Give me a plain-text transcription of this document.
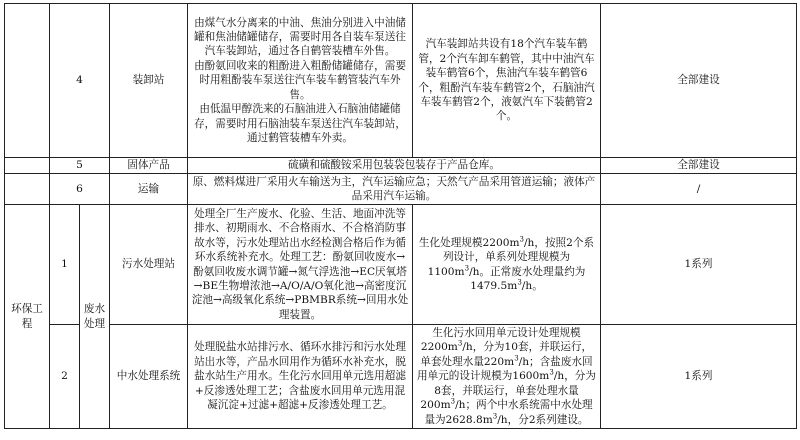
	4		装卸站	由煤气水分离来的中油、焦油分别进入中油储罐和焦油储罐储存，需要时用各自装车泵送往汽车装卸站，通过各自鹤管装槽车外售。
由酚氨回收来的粗酚进入粗酚储罐储存，需要时用粗酚装车泵送往汽车装车鹤管装汽车外售。
由低温甲醇洗来的石脑油进入石脑油储罐储存，需要时用石脑油装车泵送往汽车装卸站，通过鹤管装槽车外卖。	汽车装卸站共设有18个汽车装车鹤管，2个汽车卸车鹤管，其中中油汽车装车鹤管6个，焦油汽车装车鹤管6个，粗酚汽车装车鹤管2个，石脑油汽车装车鹤管2个，液氨汽车下装鹤管2个。	全部建设
	5		固体产品	硫磺和硫酸铵采用包装袋包装存于产品仓库。		全部建设
	6		运输	原、燃料煤进厂采用火车输送为主，汽车运输应急；天然气产品采用管道运输；液体产品采用汽车运输。		/
环保工程	1	废水处理	污水处理站	处理全厂生产废水、化验、生活、地面冲洗等排水、初期雨水、不合格雨水、不合格消防事故水等，污水处理站出水经检测合格后作为循环水系统补充水。处理工艺：酚氨回收废水→酚氨回收废水调节罐→氮气浮选池→EC厌氧塔→BE生物增浓池→A/O/A/O氧化池→高密度沉淀池→高级氧化系统→PBMBR系统→回用水处理装置。	生化处理规模$2200m^3/h$，按照2个系列设计，单系列处理规模为$1100m^3/h$。正常废水处理量约为$1479.5m^3/h$。	1系列
	2		中水处理系统	处理脱盐水站排污水、循环水排污和污水处理站出水等，产品水回用作为循环水补充水，脱盐水站生产用水。生化污水回用单元选用超滤+反渗透处理工艺；含盐废水回用单元选用混凝沉淀+过滤+超滤+反渗透处理工艺。	生化污水回用单元设计处理规模$2200m^3/h$，分为10套，并联运行，单套处理水量$220m^3/h$；含盐废水回用单元的设计规模为$1600m^3/h$，分为8套，并联运行，单套处理水量$200m^3/h$；两个中水系统需中水处理量为$2628.8m^3/h$，分2系列建设。	1系列
